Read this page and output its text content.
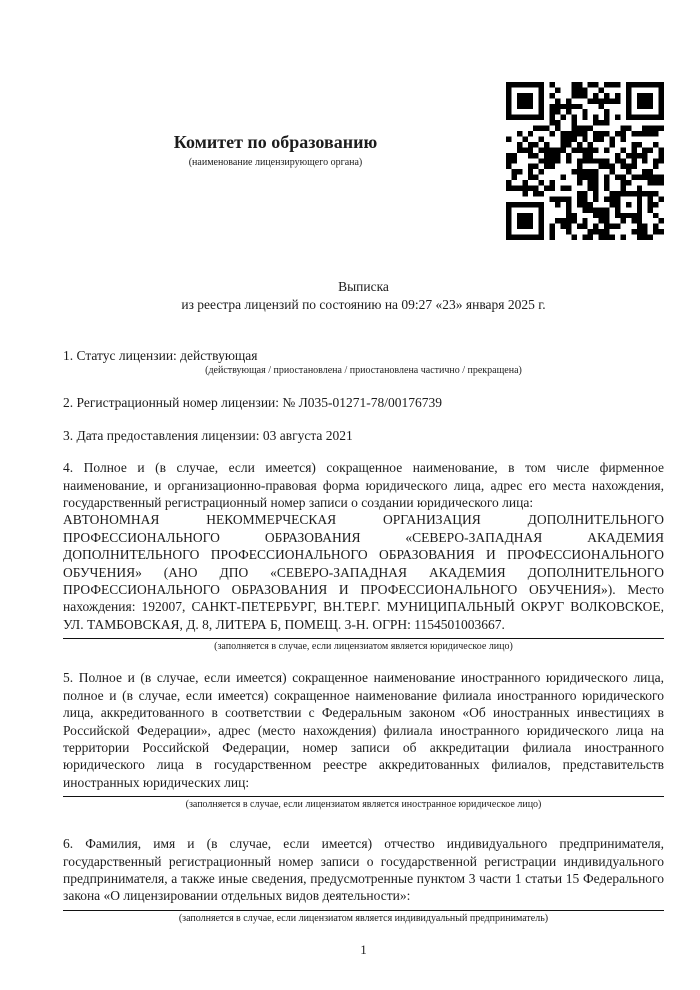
Комитет по образованию
(наименование лицензирующего органа)
Выписка
из реестра лицензий по состоянию на 09:27 «23» января 2025 г.

1. Статус лицензии: действующая

(действующая / приостановлена / приостановлена частично / прекращена)

2. Регистрационный номер лицензии: № Л035-01271-78/00176739

3. Дата предоставления лицензии: 03 августа 2021

4. Полное и (в случае, если имеется) сокращенное наименование, в том числе фирменное наименование, и организационно-правовая форма юридического лица, адрес его места нахождения, государственный регистрационный номер записи о создании юридического лица:

АВТОНОМНАЯ НЕКОММЕРЧЕСКАЯ ОРГАНИЗАЦИЯ ДОПОЛНИТЕЛЬНОГО ПРОФЕССИОНАЛЬНОГО ОБРАЗОВАНИЯ «СЕВЕРО-ЗАПАДНАЯ АКАДЕМИЯ ДОПОЛНИТЕЛЬНОГО ПРОФЕССИОНАЛЬНОГО ОБРАЗОВАНИЯ И ПРОФЕССИОНАЛЬНОГО ОБУЧЕНИЯ» (АНО ДПО «СЕВЕРО-ЗАПАДНАЯ АКАДЕМИЯ ДОПОЛНИТЕЛЬНОГО ПРОФЕССИОНАЛЬНОГО ОБРАЗОВАНИЯ И ПРОФЕССИОНАЛЬНОГО ОБУЧЕНИЯ»). Место нахождения: 192007, САНКТ-ПЕТЕРБУРГ, ВН.ТЕР.Г. МУНИЦИПАЛЬНЫЙ ОКРУГ ВОЛКОВСКОЕ, УЛ. ТАМБОВСКАЯ, Д. 8, ЛИТЕРА Б, ПОМЕЩ. 3-Н. ОГРН: 1154501003667.

(заполняется в случае, если лицензиатом является юридическое лицо)

5. Полное и (в случае, если имеется) сокращенное наименование иностранного юридического лица, полное и (в случае, если имеется) сокращенное наименование филиала иностранного юридического лица, аккредитованного в соответствии с Федеральным законом «Об иностранных инвестициях в Российской Федерации», адрес (место нахождения) филиала иностранного юридического лица на территории Российской Федерации, номер записи об аккредитации филиала иностранного юридического лица в государственном реестре аккредитованных филиалов, представительств иностранных юридических лиц:

(заполняется в случае, если лицензиатом является иностранное юридическое лицо)

6. Фамилия, имя и (в случае, если имеется) отчество индивидуального предпринимателя, государственный регистрационный номер записи о государственной регистрации индивидуального предпринимателя, а также иные сведения, предусмотренные пунктом 3 части 1 статьи 15 Федерального закона «О лицензировании отдельных видов деятельности»:

(заполняется в случае, если лицензиатом является индивидуальный предприниматель)
1
